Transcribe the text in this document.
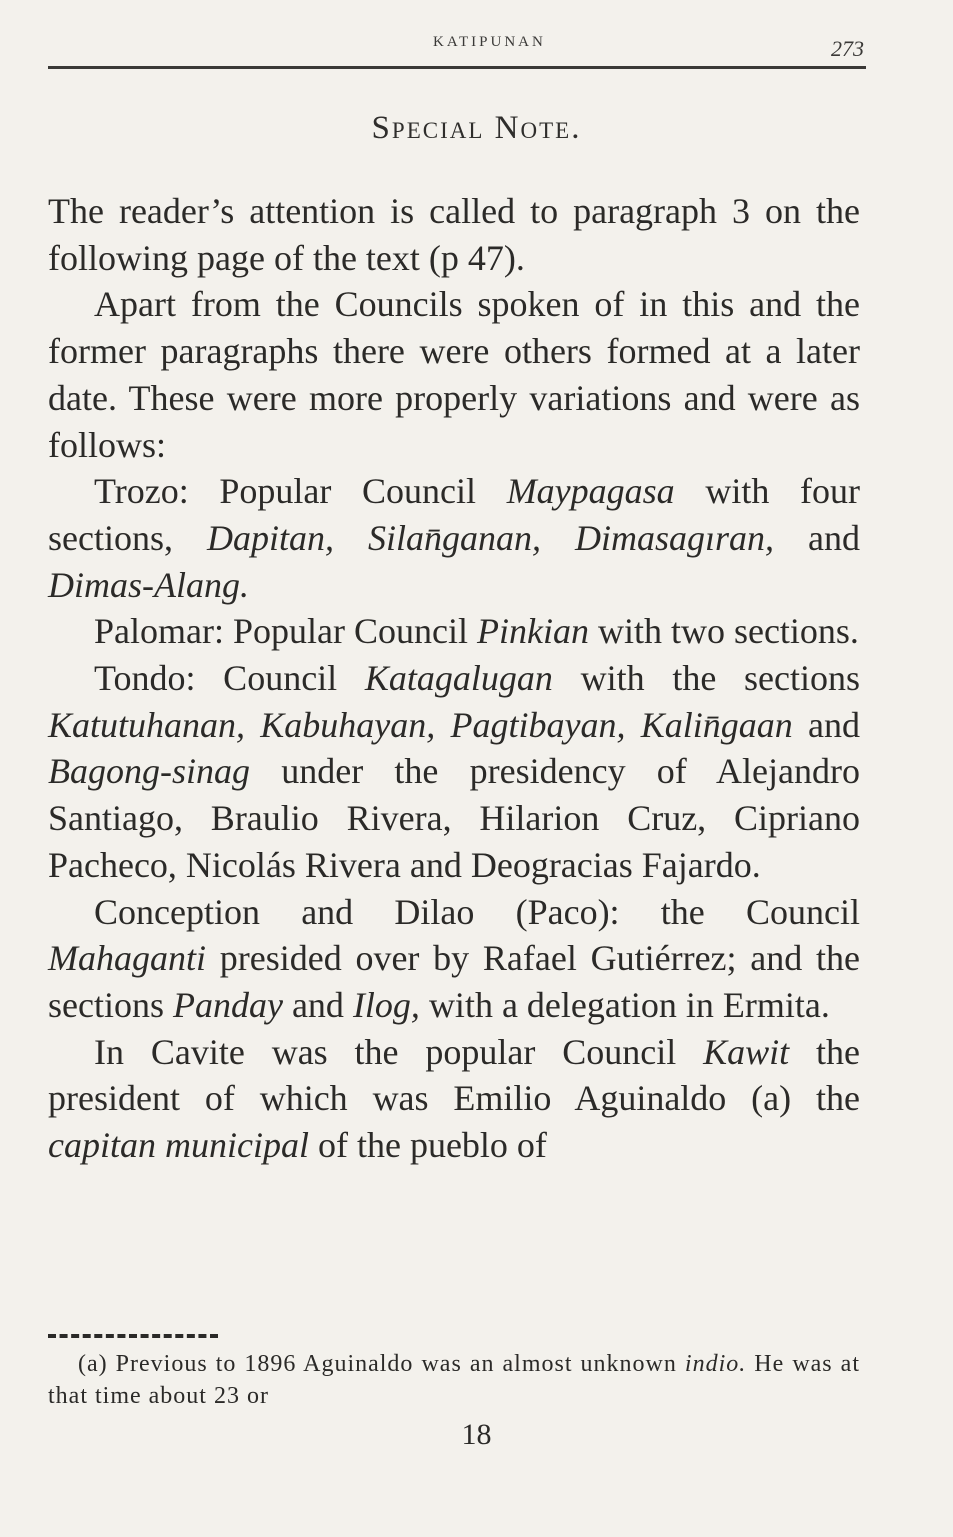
KATIPUNAN	273
Special Note.

The reader’s attention is called to paragraph 3 on the following page of the text (p 47).

Apart from the Councils spoken of in this and the former paragraphs there were others formed at a later date. These were more properly variations and were as follows:

Trozo: Popular Council Maypagasa with four sections, Dapitan, Silan̄ganan, Dimasagıran, and Dimas-Alang.

Palomar: Popular Council Pinkian with two sections.

Tondo: Council Katagalugan with the sections Katutuhanan, Kabuhayan, Pagtibayan, Kalin̄gaan and Bagong-sinag under the presidency of Alejandro Santiago, Braulio Rivera, Hilarion Cruz, Cipriano Pacheco, Nicolás Rivera and Deogracias Fajardo.

Conception and Dilao (Paco): the Council Mahaganti presided over by Rafael Gutiérrez; and the sections Panday and Ilog, with a delegation in Ermita.

In Cavite was the popular Council Kawit the president of which was Emilio Aguinaldo (a) the capitan municipal of the pueblo of

(a) Previous to 1896 Aguinaldo was an almost unknown indio. He was at that time about 23 or
18
